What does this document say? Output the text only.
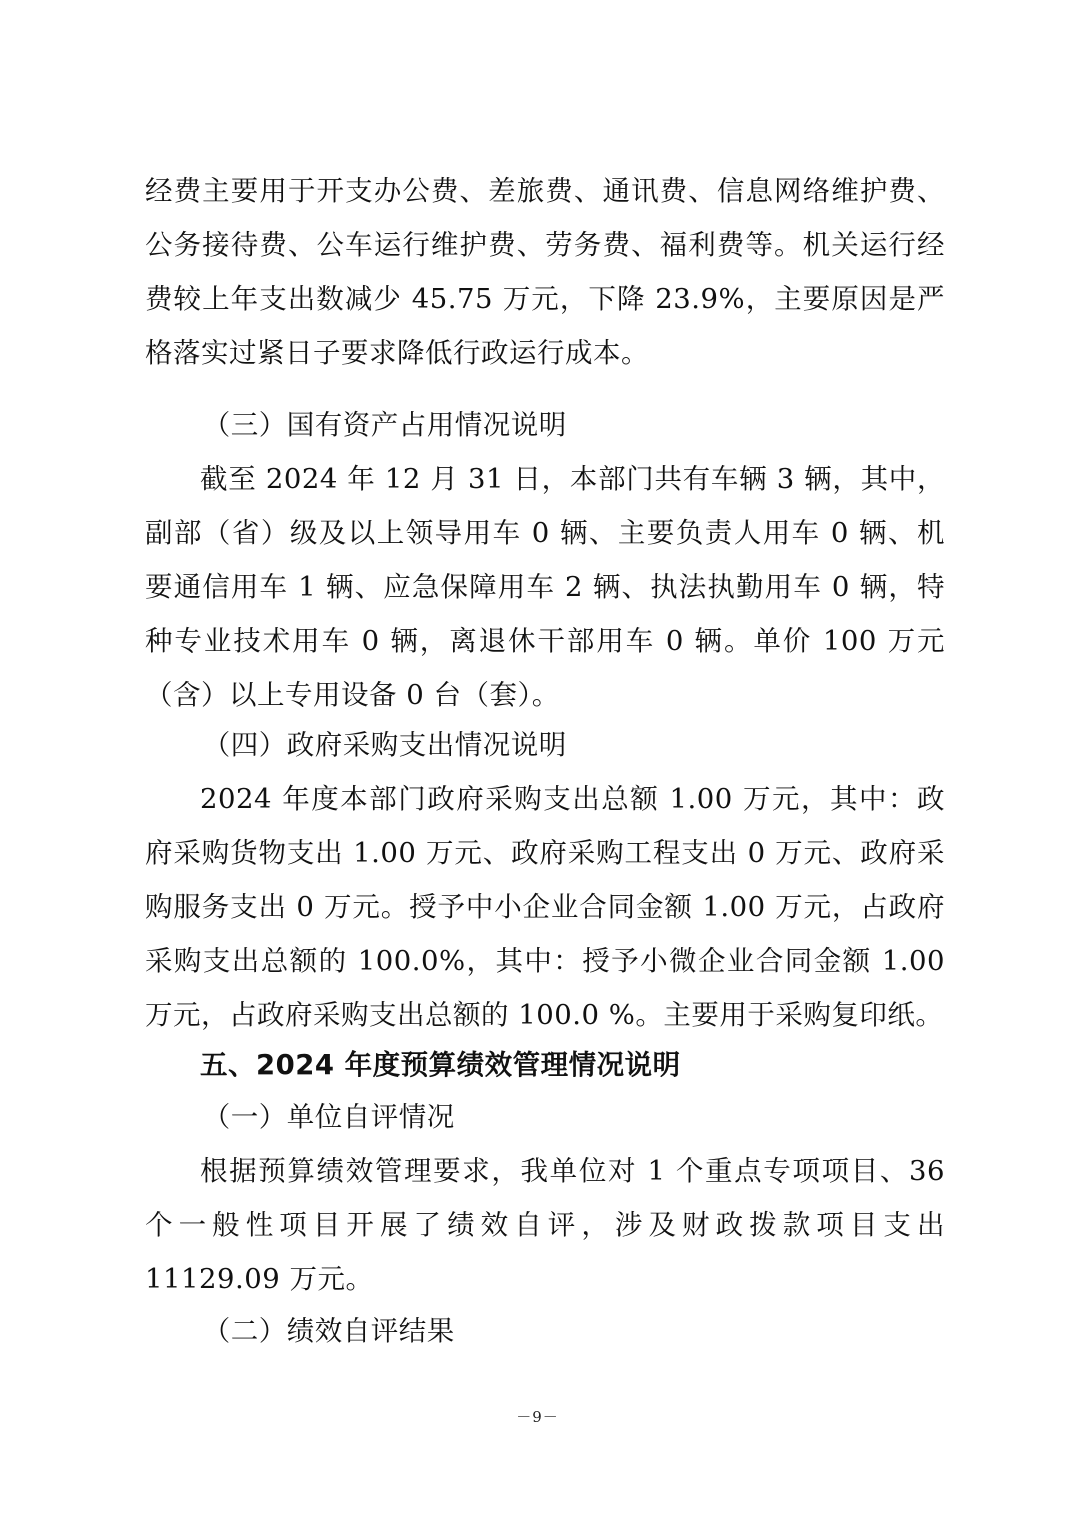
经费主要用于开支办公费、差旅费、通讯费、信息网络维护费、公务接待费、公车运行维护费、劳务费、福利费等。机关运行经费较上年支出数减少 45.75 万元，下降 23.9%，主要原因是严格落实过紧日子要求降低行政运行成本。
（三）国有资产占用情况说明
截至 2024 年 12 月 31 日，本部门共有车辆 3 辆，其中，副部（省）级及以上领导用车 0 辆、主要负责人用车 0 辆、机要通信用车 1 辆、应急保障用车 2 辆、执法执勤用车 0 辆，特种专业技术用车 0 辆，离退休干部用车 0 辆。单价 100 万元（含）以上专用设备 0 台（套）。
（四）政府采购支出情况说明
2024 年度本部门政府采购支出总额 1.00 万元，其中：政府采购货物支出 1.00 万元、政府采购工程支出 0 万元、政府采购服务支出 0 万元。授予中小企业合同金额 1.00 万元，占政府采购支出总额的 100.0%，其中：授予小微企业合同金额 1.00 万元，占政府采购支出总额的 100.0 %。主要用于采购复印纸。
五、2024 年度预算绩效管理情况说明
（一）单位自评情况
根据预算绩效管理要求，我单位对 1 个重点专项项目、36 个一般性项目开展了绩效自评，涉及财政拨款项目支出 11129.09 万元。
（二）绩效自评结果
－9－
